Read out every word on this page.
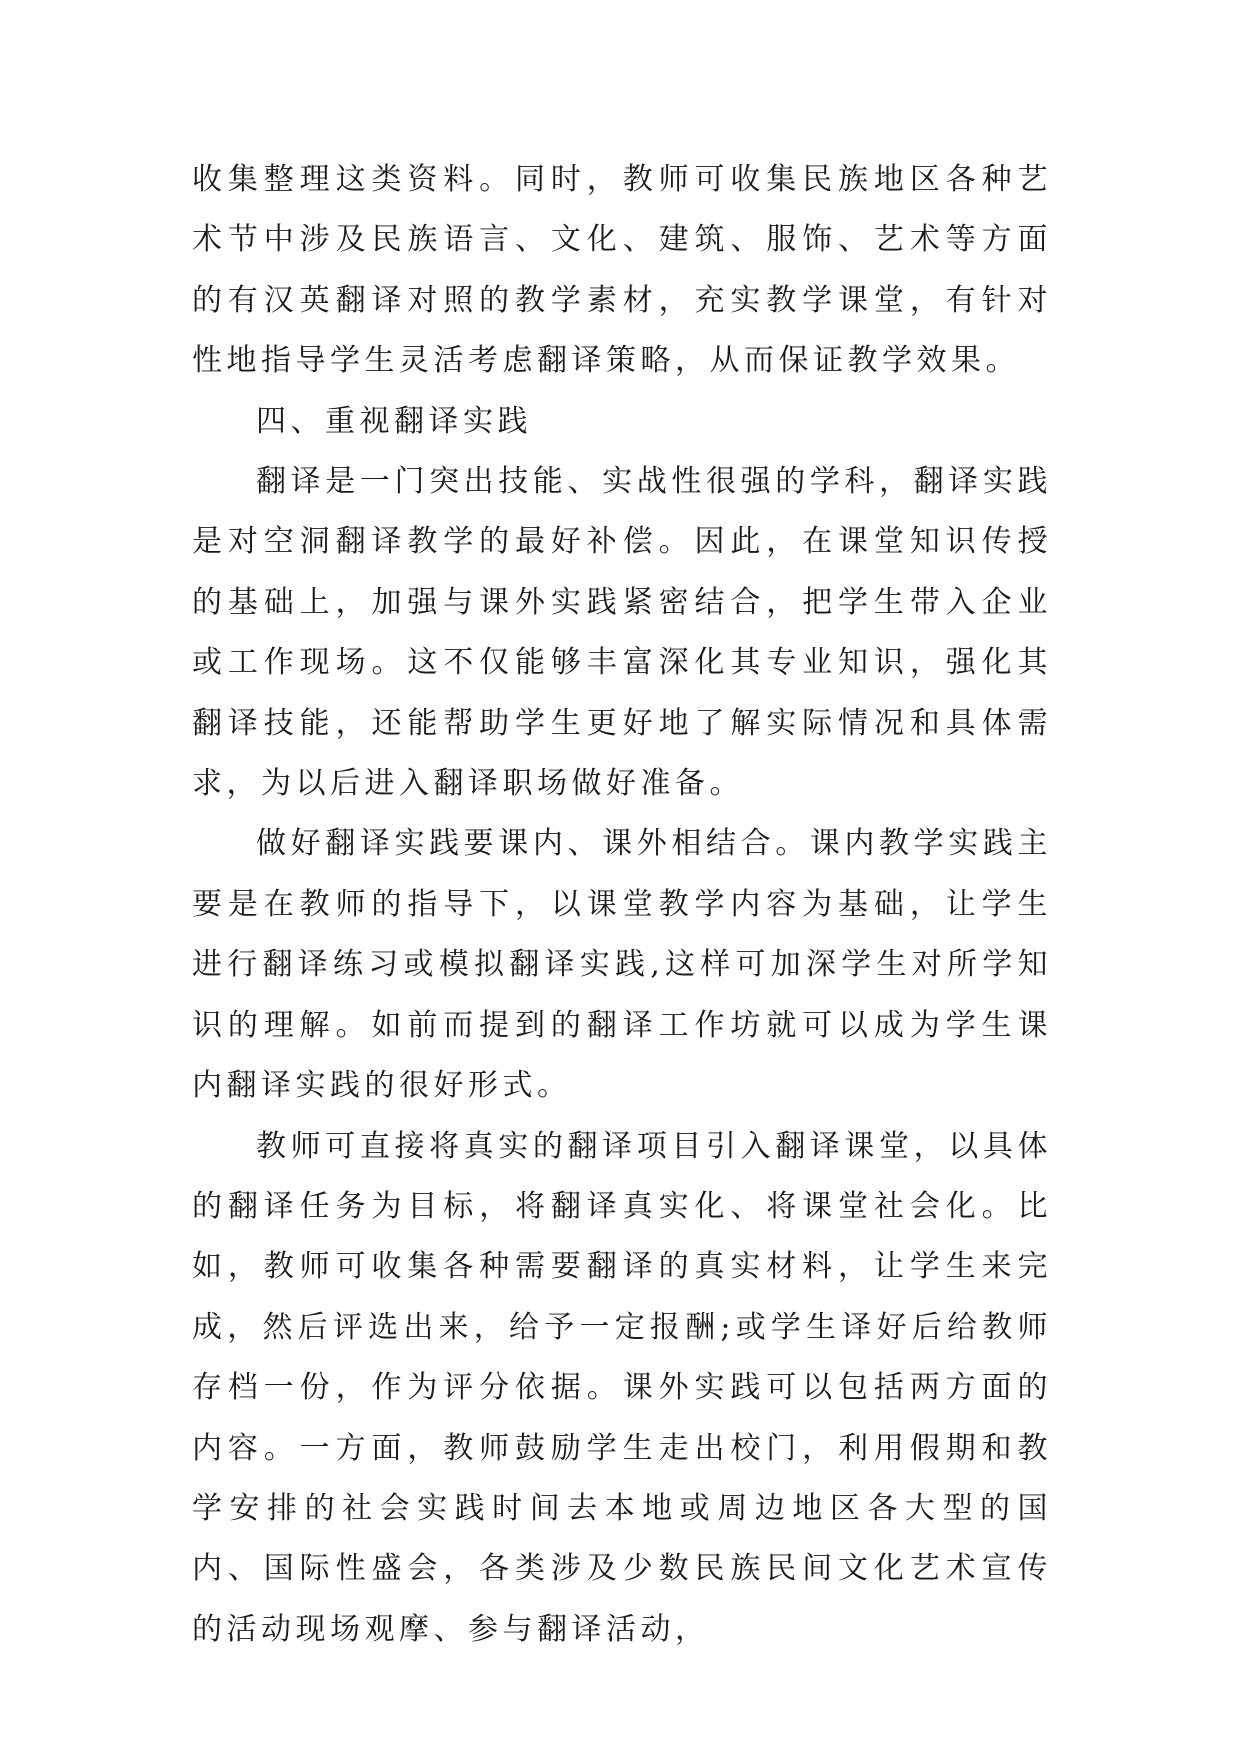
收集整理这类资料。同时，教师可收集民族地区各种艺术节中涉及民族语言、文化、建筑、服饰、艺术等方面的有汉英翻译对照的教学素材，充实教学课堂，有针对性地指导学生灵活考虑翻译策略，从而保证教学效果。

四、重视翻译实践

翻译是一门突出技能、实战性很强的学科，翻译实践是对空洞翻译教学的最好补偿。因此，在课堂知识传授的基础上，加强与课外实践紧密结合，把学生带入企业或工作现场。这不仅能够丰富深化其专业知识，强化其翻译技能，还能帮助学生更好地了解实际情况和具体需求，为以后进入翻译职场做好准备。

做好翻译实践要课内、课外相结合。课内教学实践主要是在教师的指导下，以课堂教学内容为基础，让学生进行翻译练习或模拟翻译实践,这样可加深学生对所学知识的理解。如前而提到的翻译工作坊就可以成为学生课内翻译实践的很好形式。

教师可直接将真实的翻译项目引入翻译课堂，以具体的翻译任务为目标，将翻译真实化、将课堂社会化。比如，教师可收集各种需要翻译的真实材料，让学生来完成，然后评选出来，给予一定报酬;或学生译好后给教师存档一份，作为评分依据。课外实践可以包括两方面的内容。一方面，教师鼓励学生走出校门，利用假期和教学安排的社会实践时间去本地或周边地区各大型的国内、国际性盛会，各类涉及少数民族民间文化艺术宣传的活动现场观摩、参与翻译活动，
